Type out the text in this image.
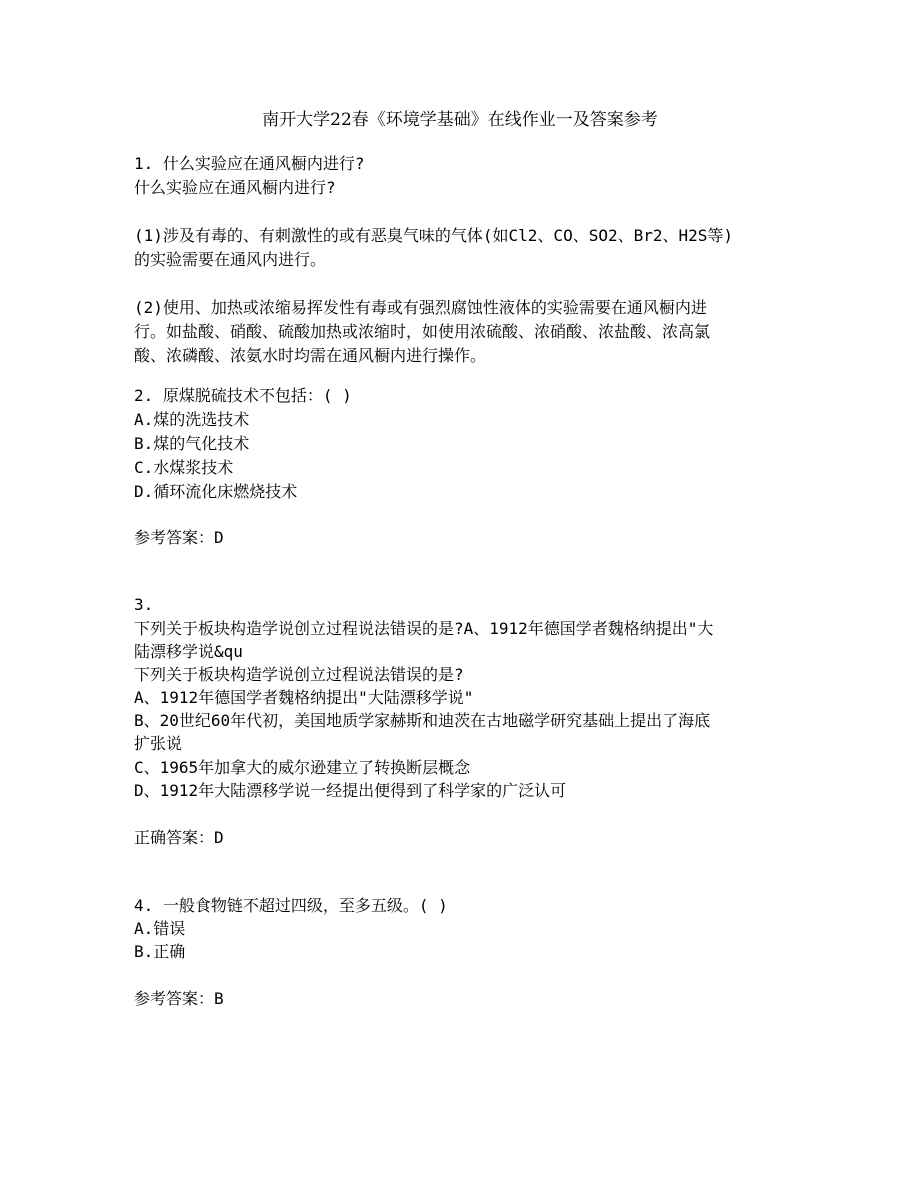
南开大学22春《环境学基础》在线作业一及答案参考
1. 什么实验应在通风橱内进行?
什么实验应在通风橱内进行?
(1)涉及有毒的、有刺激性的或有恶臭气味的气体(如Cl2、CO、SO2、Br2、H2S等)
的实验需要在通风内进行。
(2)使用、加热或浓缩易挥发性有毒或有强烈腐蚀性液体的实验需要在通风橱内进
行。如盐酸、硝酸、硫酸加热或浓缩时，如使用浓硫酸、浓硝酸、浓盐酸、浓高氯
酸、浓磷酸、浓氨水时均需在通风橱内进行操作。
2. 原煤脱硫技术不包括：( )
A.煤的洗选技术
B.煤的气化技术
C.水煤浆技术
D.循环流化床燃烧技术
参考答案：D
3.
下列关于板块构造学说创立过程说法错误的是?A、1912年德国学者魏格纳提出"大
陆漂移学说&qu
下列关于板块构造学说创立过程说法错误的是?
A、1912年德国学者魏格纳提出"大陆漂移学说"
B、20世纪60年代初，美国地质学家赫斯和迪茨在古地磁学研究基础上提出了海底
扩张说
C、1965年加拿大的威尔逊建立了转换断层概念
D、1912年大陆漂移学说一经提出便得到了科学家的广泛认可
正确答案：D
4. 一般食物链不超过四级，至多五级。( )
A.错误
B.正确
参考答案：B
